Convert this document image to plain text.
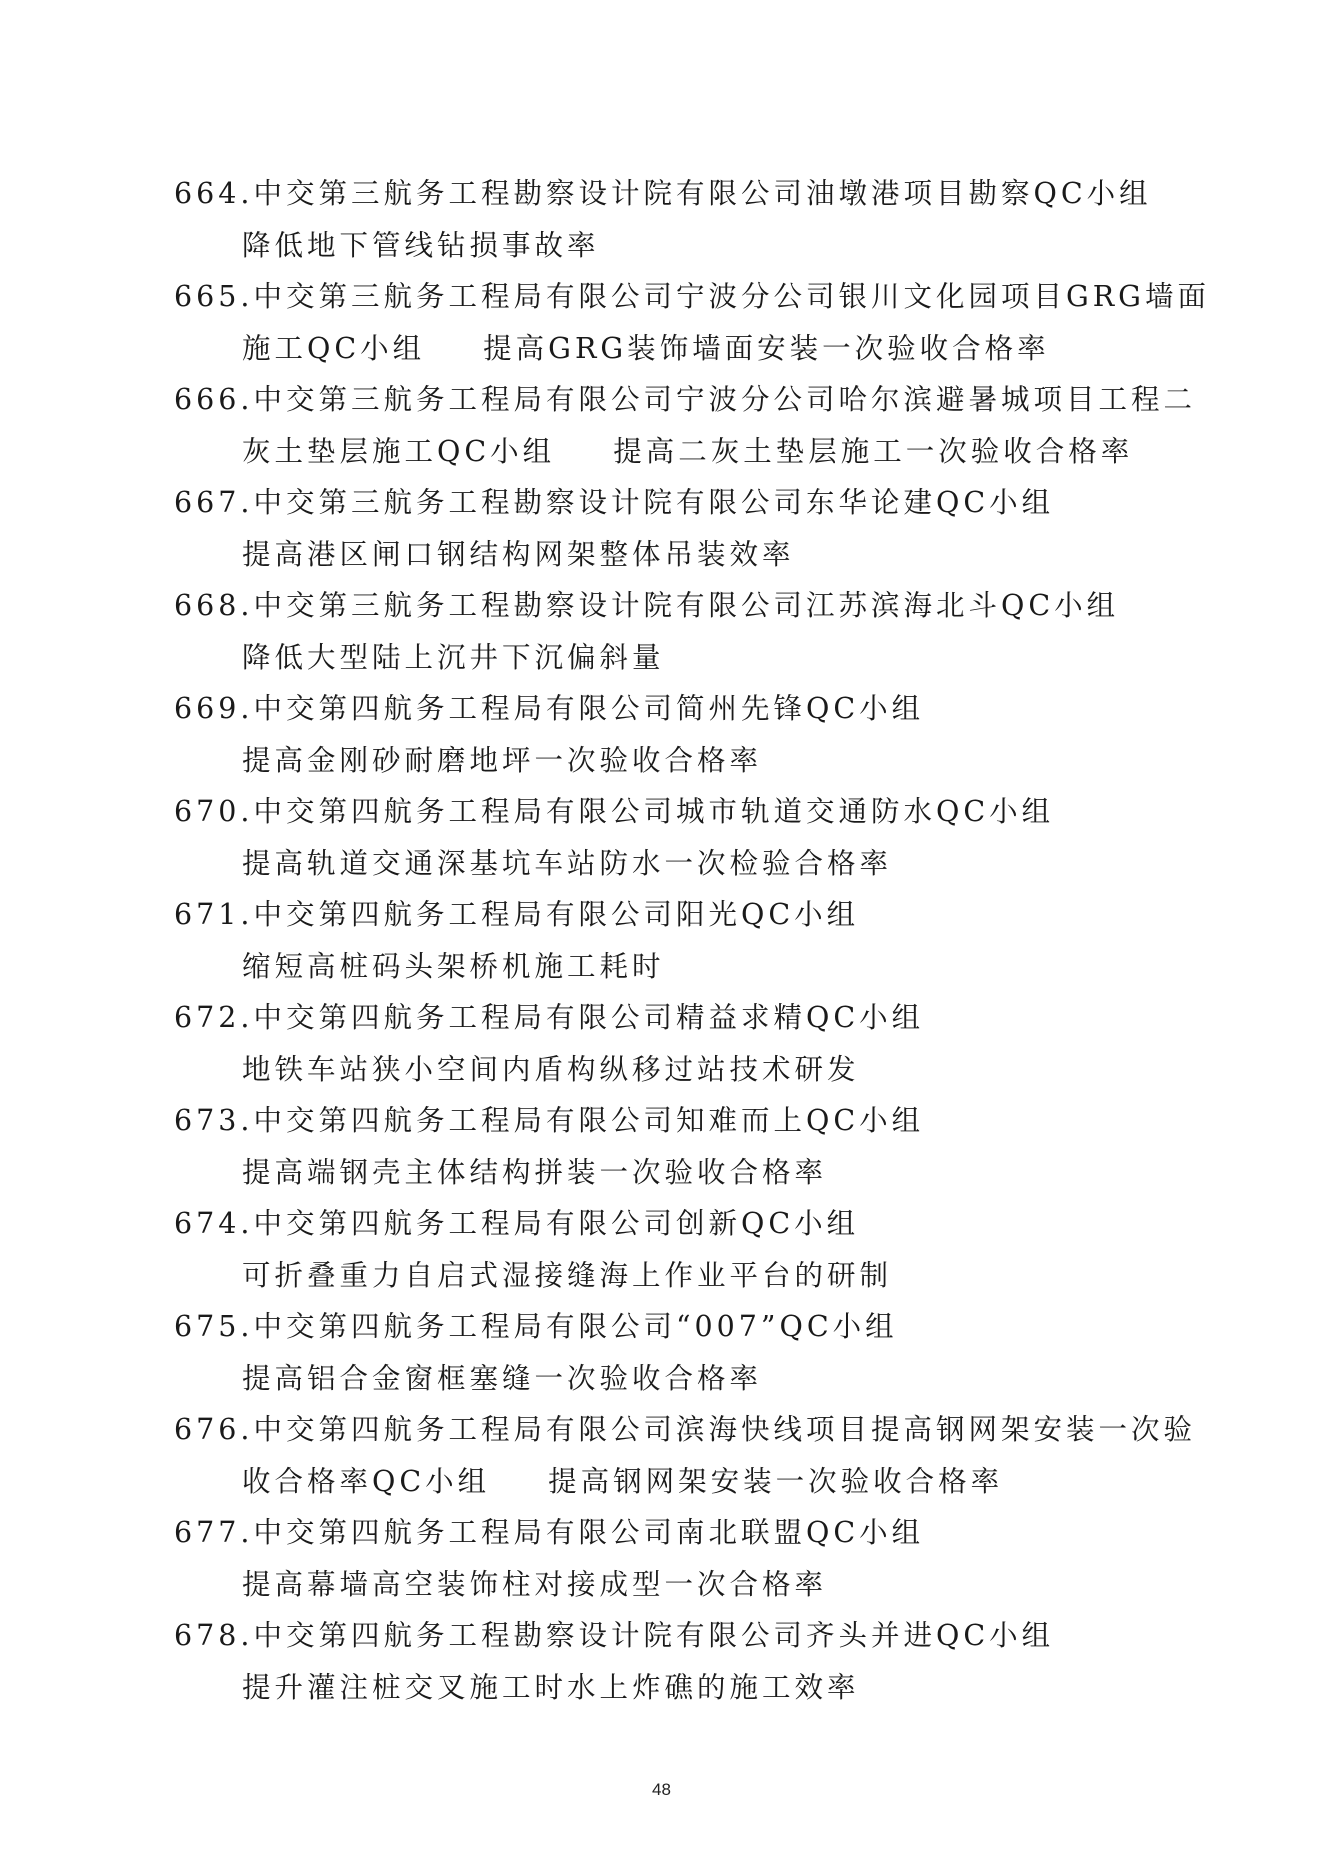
664.中交第三航务工程勘察设计院有限公司油墩港项目勘察QC小组
降低地下管线钻损事故率
665.中交第三航务工程局有限公司宁波分公司银川文化园项目GRG墙面
施工QC小组 提高GRG装饰墙面安装一次验收合格率
666.中交第三航务工程局有限公司宁波分公司哈尔滨避暑城项目工程二
灰土垫层施工QC小组 提高二灰土垫层施工一次验收合格率
667.中交第三航务工程勘察设计院有限公司东华论建QC小组
提高港区闸口钢结构网架整体吊装效率
668.中交第三航务工程勘察设计院有限公司江苏滨海北斗QC小组
降低大型陆上沉井下沉偏斜量
669.中交第四航务工程局有限公司简州先锋QC小组
提高金刚砂耐磨地坪一次验收合格率
670.中交第四航务工程局有限公司城市轨道交通防水QC小组
提高轨道交通深基坑车站防水一次检验合格率
671.中交第四航务工程局有限公司阳光QC小组
缩短高桩码头架桥机施工耗时
672.中交第四航务工程局有限公司精益求精QC小组
地铁车站狭小空间内盾构纵移过站技术研发
673.中交第四航务工程局有限公司知难而上QC小组
提高端钢壳主体结构拼装一次验收合格率
674.中交第四航务工程局有限公司创新QC小组
可折叠重力自启式湿接缝海上作业平台的研制
675.中交第四航务工程局有限公司“007”QC小组
提高铝合金窗框塞缝一次验收合格率
676.中交第四航务工程局有限公司滨海快线项目提高钢网架安装一次验
收合格率QC小组 提高钢网架安装一次验收合格率
677.中交第四航务工程局有限公司南北联盟QC小组
提高幕墙高空装饰柱对接成型一次合格率
678.中交第四航务工程勘察设计院有限公司齐头并进QC小组
提升灌注桩交叉施工时水上炸礁的施工效率
48
